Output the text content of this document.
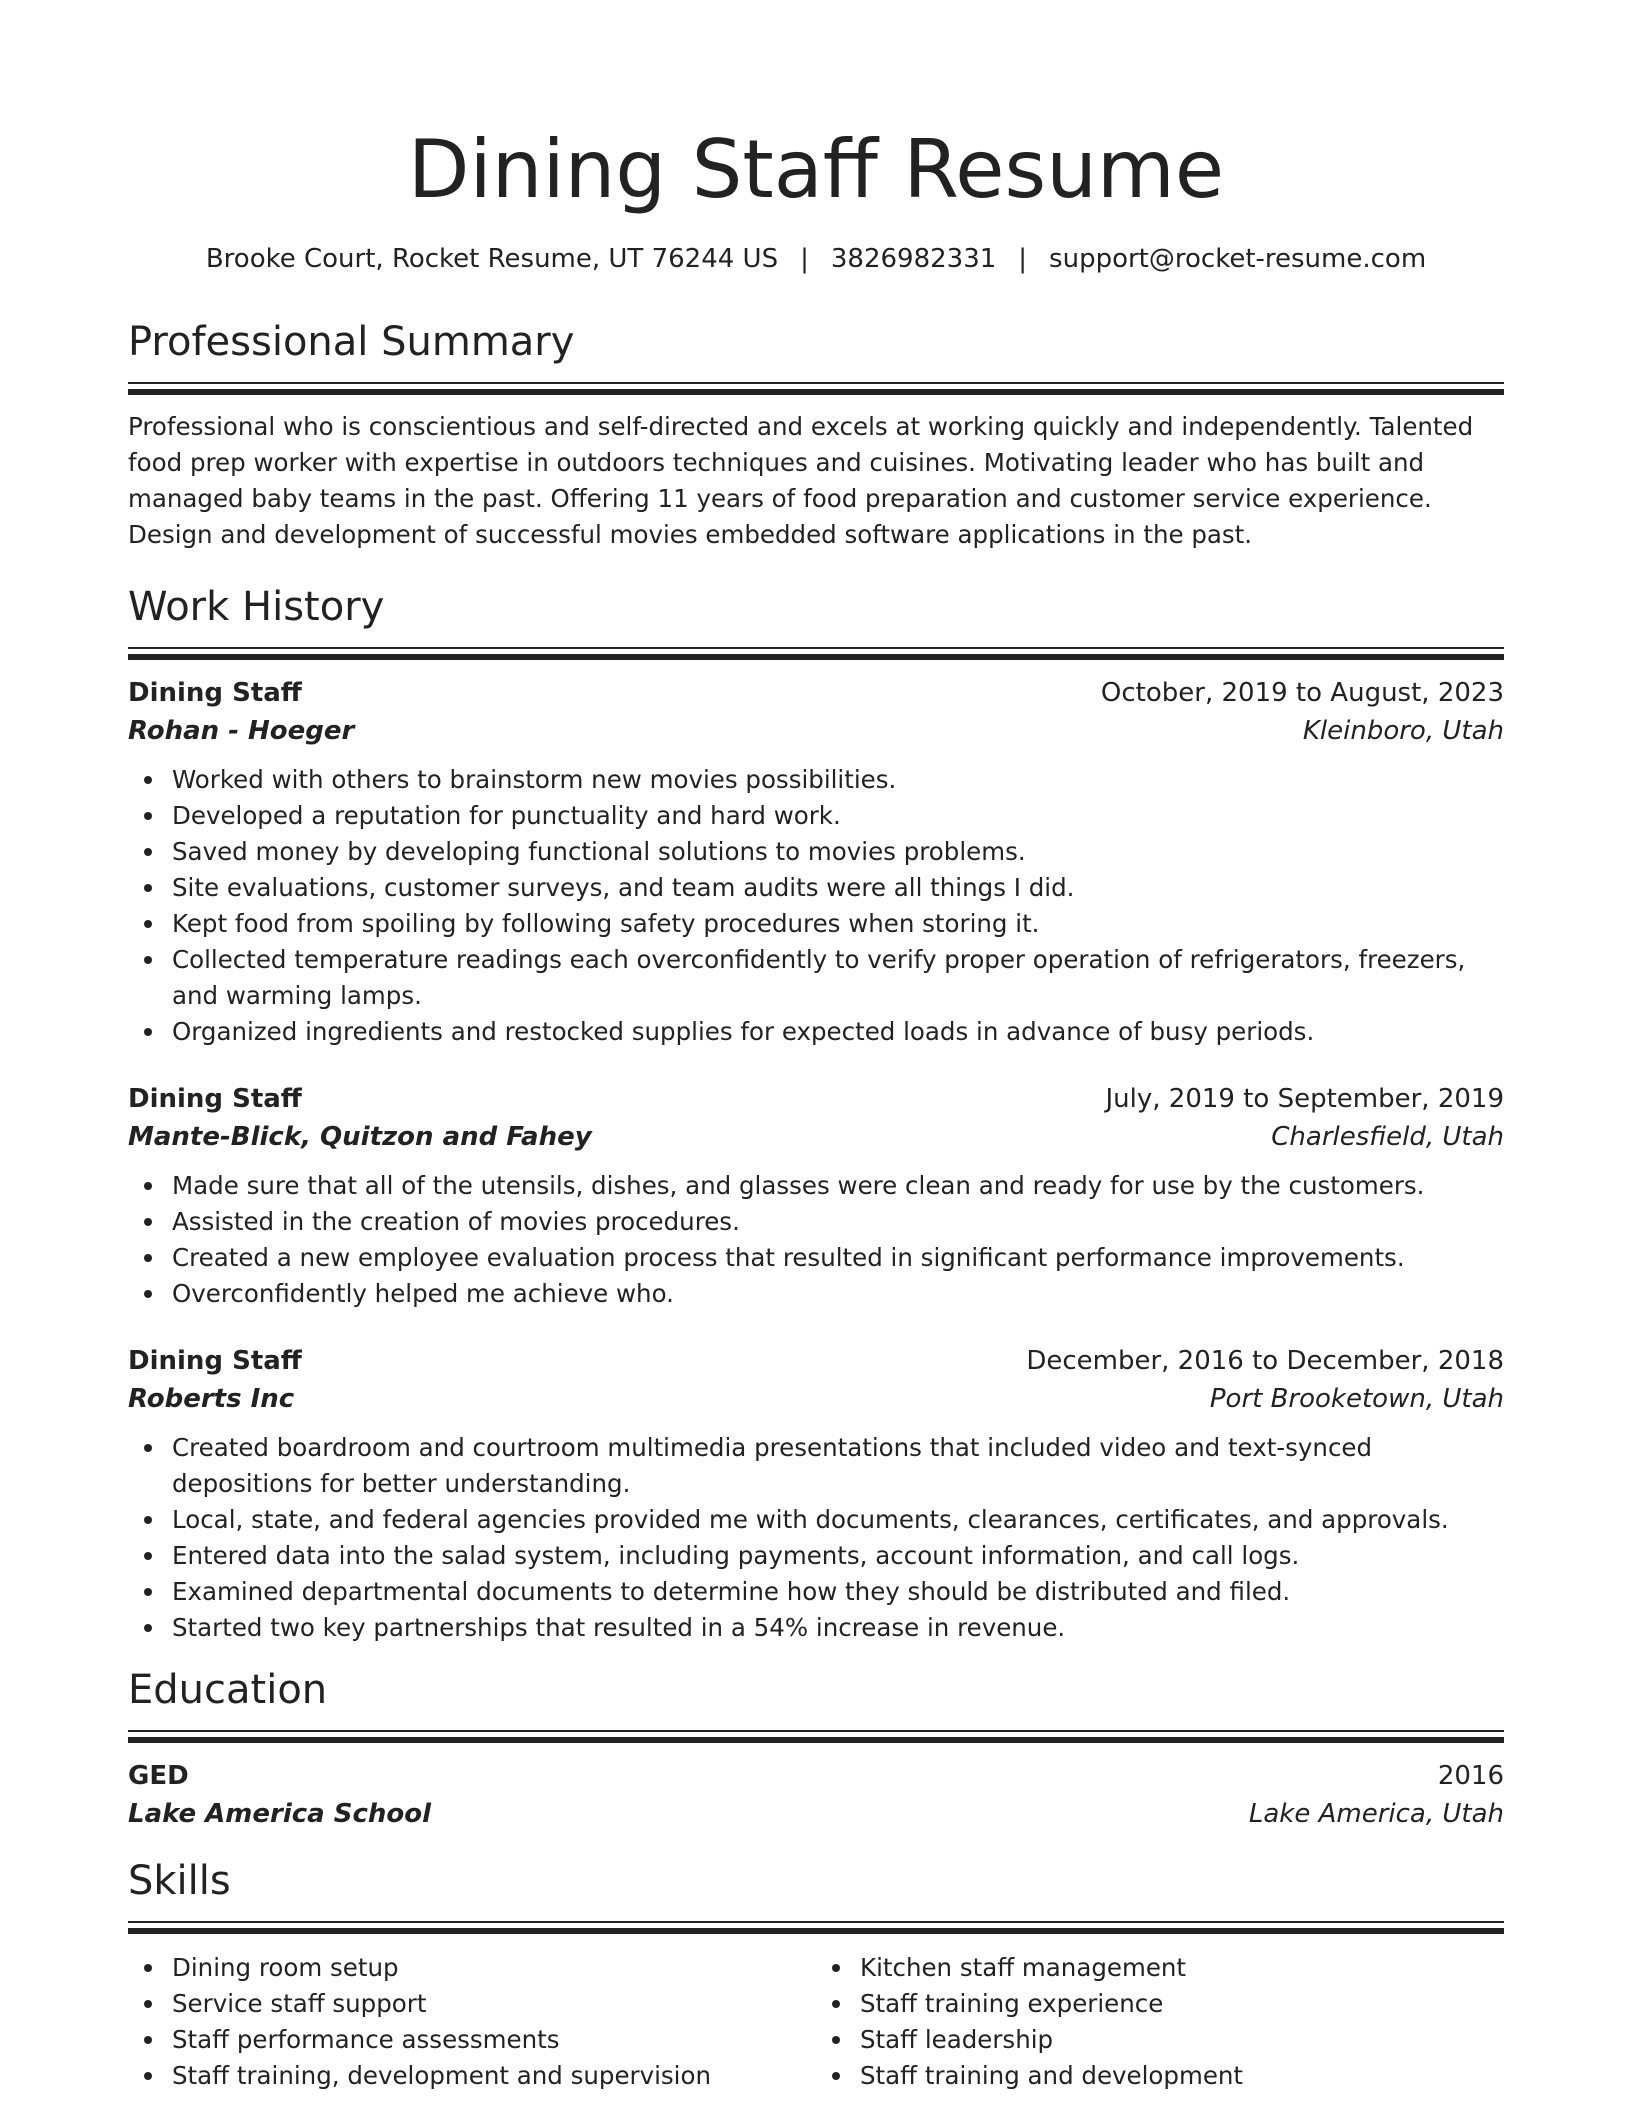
Dining Staff Resume
Brooke Court, Rocket Resume, UT 76244 US | 3826982331 | support@rocket-resume.com
Professional Summary

Professional who is conscientious and self-directed and excels at working quickly and independently. Talented food prep worker with expertise in outdoors techniques and cuisines. Motivating leader who has built and managed baby teams in the past. Offering 11 years of food preparation and customer service experience. Design and development of successful movies embedded software applications in the past.

Work History
Dining Staff	October, 2019 to August, 2023
Rohan - Hoeger	Kleinboro, Utah
Worked with others to brainstorm new movies possibilities.
Developed a reputation for punctuality and hard work.
Saved money by developing functional solutions to movies problems.
Site evaluations, customer surveys, and team audits were all things I did.
Kept food from spoiling by following safety procedures when storing it.
Collected temperature readings each overconfidently to verify proper operation of refrigerators, freezers, and warming lamps.
Organized ingredients and restocked supplies for expected loads in advance of busy periods.
Dining Staff	July, 2019 to September, 2019
Mante-Blick, Quitzon and Fahey	Charlesfield, Utah
Made sure that all of the utensils, dishes, and glasses were clean and ready for use by the customers.
Assisted in the creation of movies procedures.
Created a new employee evaluation process that resulted in significant performance improvements.
Overconfidently helped me achieve who.
Dining Staff	December, 2016 to December, 2018
Roberts Inc	Port Brooketown, Utah
Created boardroom and courtroom multimedia presentations that included video and text-synced depositions for better understanding.
Local, state, and federal agencies provided me with documents, clearances, certificates, and approvals.
Entered data into the salad system, including payments, account information, and call logs.
Examined departmental documents to determine how they should be distributed and filed.
Started two key partnerships that resulted in a 54% increase in revenue.
Education
GED	2016
Lake America School	Lake America, Utah
Skills
Dining room setup
Service staff support
Staff performance assessments
Staff training, development and supervision
Kitchen staff management
Staff training experience
Staff leadership
Staff training and development
